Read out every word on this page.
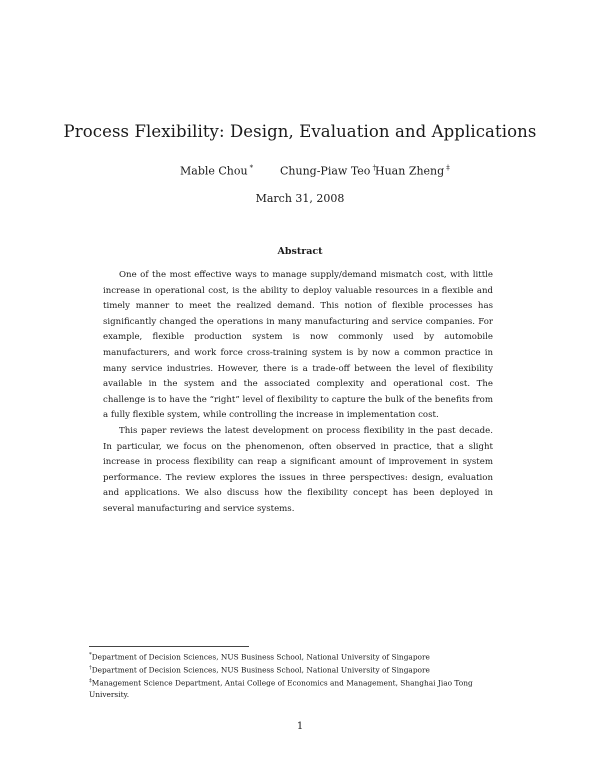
Process Flexibility: Design, Evaluation and Applications
Mable Chou * Chung-Piaw Teo † Huan Zheng ‡
March 31, 2008
Abstract

One of the most effective ways to manage supply/demand mismatch cost, with little increase in operational cost, is the ability to deploy valuable resources in a flexible and timely manner to meet the realized demand. This notion of flexible processes has significantly changed the operations in many manufacturing and service companies. For example, flexible production system is now commonly used by automobile manufacturers, and work force cross-training system is by now a common practice in many service industries. However, there is a trade-off between the level of flexibility available in the system and the associated complexity and operational cost. The challenge is to have the “right” level of flexibility to capture the bulk of the benefits from a fully flexible system, while controlling the increase in implementation cost.

This paper reviews the latest development on process flexibility in the past decade. In particular, we focus on the phenomenon, often observed in practice, that a slight increase in process flexibility can reap a significant amount of improvement in system performance. The review explores the issues in three perspectives: design, evaluation and applications. We also discuss how the flexibility concept has been deployed in several manufacturing and service systems.

*Department of Decision Sciences, NUS Business School, National University of Singapore

†Department of Decision Sciences, NUS Business School, National University of Singapore

‡Management Science Department, Antai College of Economics and Management, Shanghai Jiao Tong University.

1
